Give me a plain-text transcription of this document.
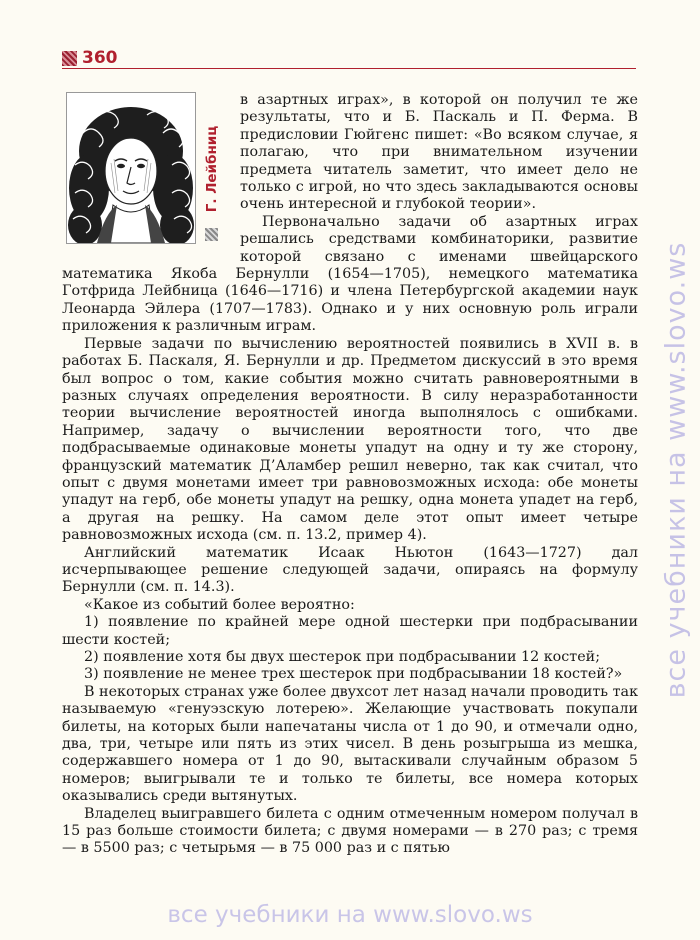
360
Г. Лейбниц

в азартных играх», в которой он получил те же результаты, что и Б. Паскаль и П. Ферма. В предисловии Гюйгенс пишет: «Во всяком случае, я полагаю, что при внимательном изучении предмета читатель заметит, что имеет дело не только с игрой, но что здесь закладываются основы очень интересной и глубокой теории».

Первоначально задачи об азартных играх решались средствами комбинаторики, развитие которой связано с именами швейцарского математика Якоба Бернулли (1654—1705), немецкого математика Готфрида Лейбница (1646—1716) и члена Петербургской академии наук Леонарда Эйлера (1707—1783). Однако и у них основную роль играли приложения к различным играм.

Первые задачи по вычислению вероятностей появились в XVII в. в работах Б. Паскаля, Я. Бернулли и др. Предметом дискуссий в это время был вопрос о том, какие события можно считать равновероятными в разных случаях определения вероятности. В силу неразработанности теории вычисление вероятностей иногда выполнялось с ошибками. Например, задачу о вычислении вероятности того, что две подбрасываемые одинаковые монеты упадут на одну и ту же сторону, французский математик Д’Аламбер решил неверно, так как считал, что опыт с двумя монетами имеет три равновозможных исхода: обе монеты упадут на герб, обе монеты упадут на решку, одна монета упадет на герб, а другая на решку. На самом деле этот опыт имеет четыре равновозможных исхода (см. п. 13.2, пример 4).

Английский математик Исаак Ньютон (1643—1727) дал исчерпывающее решение следующей задачи, опираясь на формулу Бернулли (см. п. 14.3).

«Какое из событий более вероятно:

1) появление по крайней мере одной шестерки при подбрасывании шести костей;

2) появление хотя бы двух шестерок при подбрасывании 12 костей;

3) появление не менее трех шестерок при подбрасывании 18 костей?»

В некоторых странах уже более двухсот лет назад начали проводить так называемую «генуэзскую лотерею». Желающие участвовать покупали билеты, на которых были напечатаны числа от 1 до 90, и отмечали одно, два, три, четыре или пять из этих чисел. В день розыгрыша из мешка, содержавшего номера от 1 до 90, вытаскивали случайным образом 5 номеров; выигрывали те и только те билеты, все номера которых оказывались среди вытянутых.

Владелец выигравшего билета с одним отмеченным номером получал в 15 раз больше стоимости билета; с двумя номерами — в 270 раз; с тремя — в 5500 раз; с четырьмя — в 75 000 раз и с пятью

все учебники на www.slovo.ws
все учебники на www.slovo.ws
